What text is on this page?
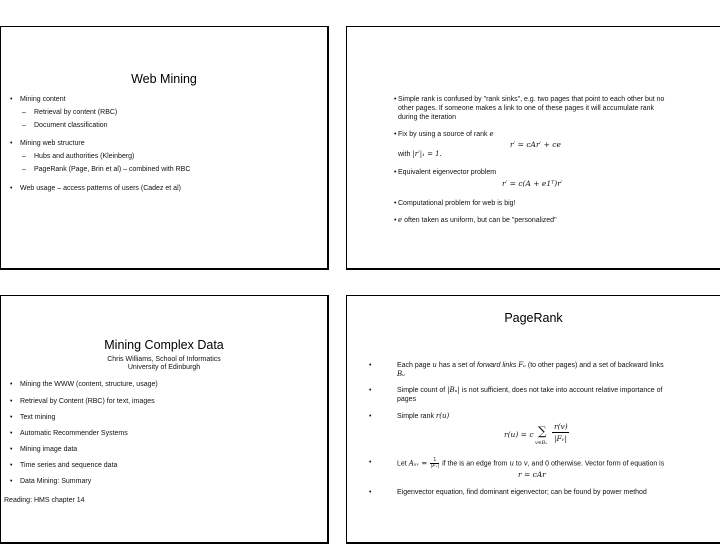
Web Mining
• Mining content
– Retrieval by content (RBC)
– Document classification
• Mining web structure
– Hubs and authorities (Kleinberg)
– PageRank (Page, Brin et al) – combined with RBC
• Web usage – access patterns of users (Cadez et al)
• Simple rank is confused by "rank sinks", e.g. two pages that point to each other but no
other pages. If someone makes a link to one of these pages it will accumulate rank
during the iteration
• Fix by using a source of rank e
r′ = cAr′ + ce
with |r′|₁ = 1.
• Equivalent eigenvector problem
r′ = c(A + e1ᵀ)r′
• Computational problem for web is big!
• e often taken as uniform, but can be "personalized"
Mining Complex Data
Chris Williams, School of Informatics
University of Edinburgh
• Mining the WWW (content, structure, usage)
• Retrieval by Content (RBC) for text, images
• Text mining
• Automatic Recommender Systems
• Mining image data
• Time series and sequence data
• Data Mining: Summary
Reading: HMS chapter 14
PageRank
•	Each page u has a set of forward links Fᵤ (to other pages) and a set of backward links
Bᵤ
•	Simple count of |Bᵤ| is not sufficient, does not take into account relative importance of
pages
•	Simple rank r(u)
r(u) = c ∑
v∈Bᵤ
r(v)
|Fᵥ|
•	Let Aᵤᵥ = $\frac{1}{\text{|Fᵥ|}}$ if the is an edge from u to v, and 0 otherwise. Vector form of equation is
r = cAr
•	Eigenvector equation, find dominant eigenvector; can be found by power method
